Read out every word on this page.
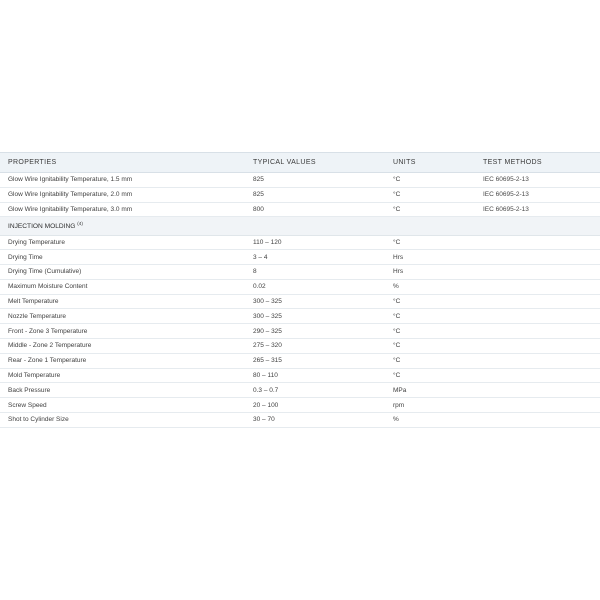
PROPERTIES	TYPICAL VALUES	UNITS	TEST METHODS
Glow Wire Ignitability Temperature, 1.5 mm	825	°C	IEC 60695-2-13
Glow Wire Ignitability Temperature, 2.0 mm	825	°C	IEC 60695-2-13
Glow Wire Ignitability Temperature, 3.0 mm	800	°C	IEC 60695-2-13
INJECTION MOLDING $^{(4)}$
Drying Temperature	110 – 120	°C	
Drying Time	3 – 4	Hrs	
Drying Time (Cumulative)	8	Hrs	
Maximum Moisture Content	0.02	%	
Melt Temperature	300 – 325	°C	
Nozzle Temperature	300 – 325	°C	
Front - Zone 3 Temperature	290 – 325	°C	
Middle - Zone 2 Temperature	275 – 320	°C	
Rear - Zone 1 Temperature	265 – 315	°C	
Mold Temperature	80 – 110	°C	
Back Pressure	0.3 – 0.7	MPa	
Screw Speed	20 – 100	rpm	
Shot to Cylinder Size	30 – 70	%	
